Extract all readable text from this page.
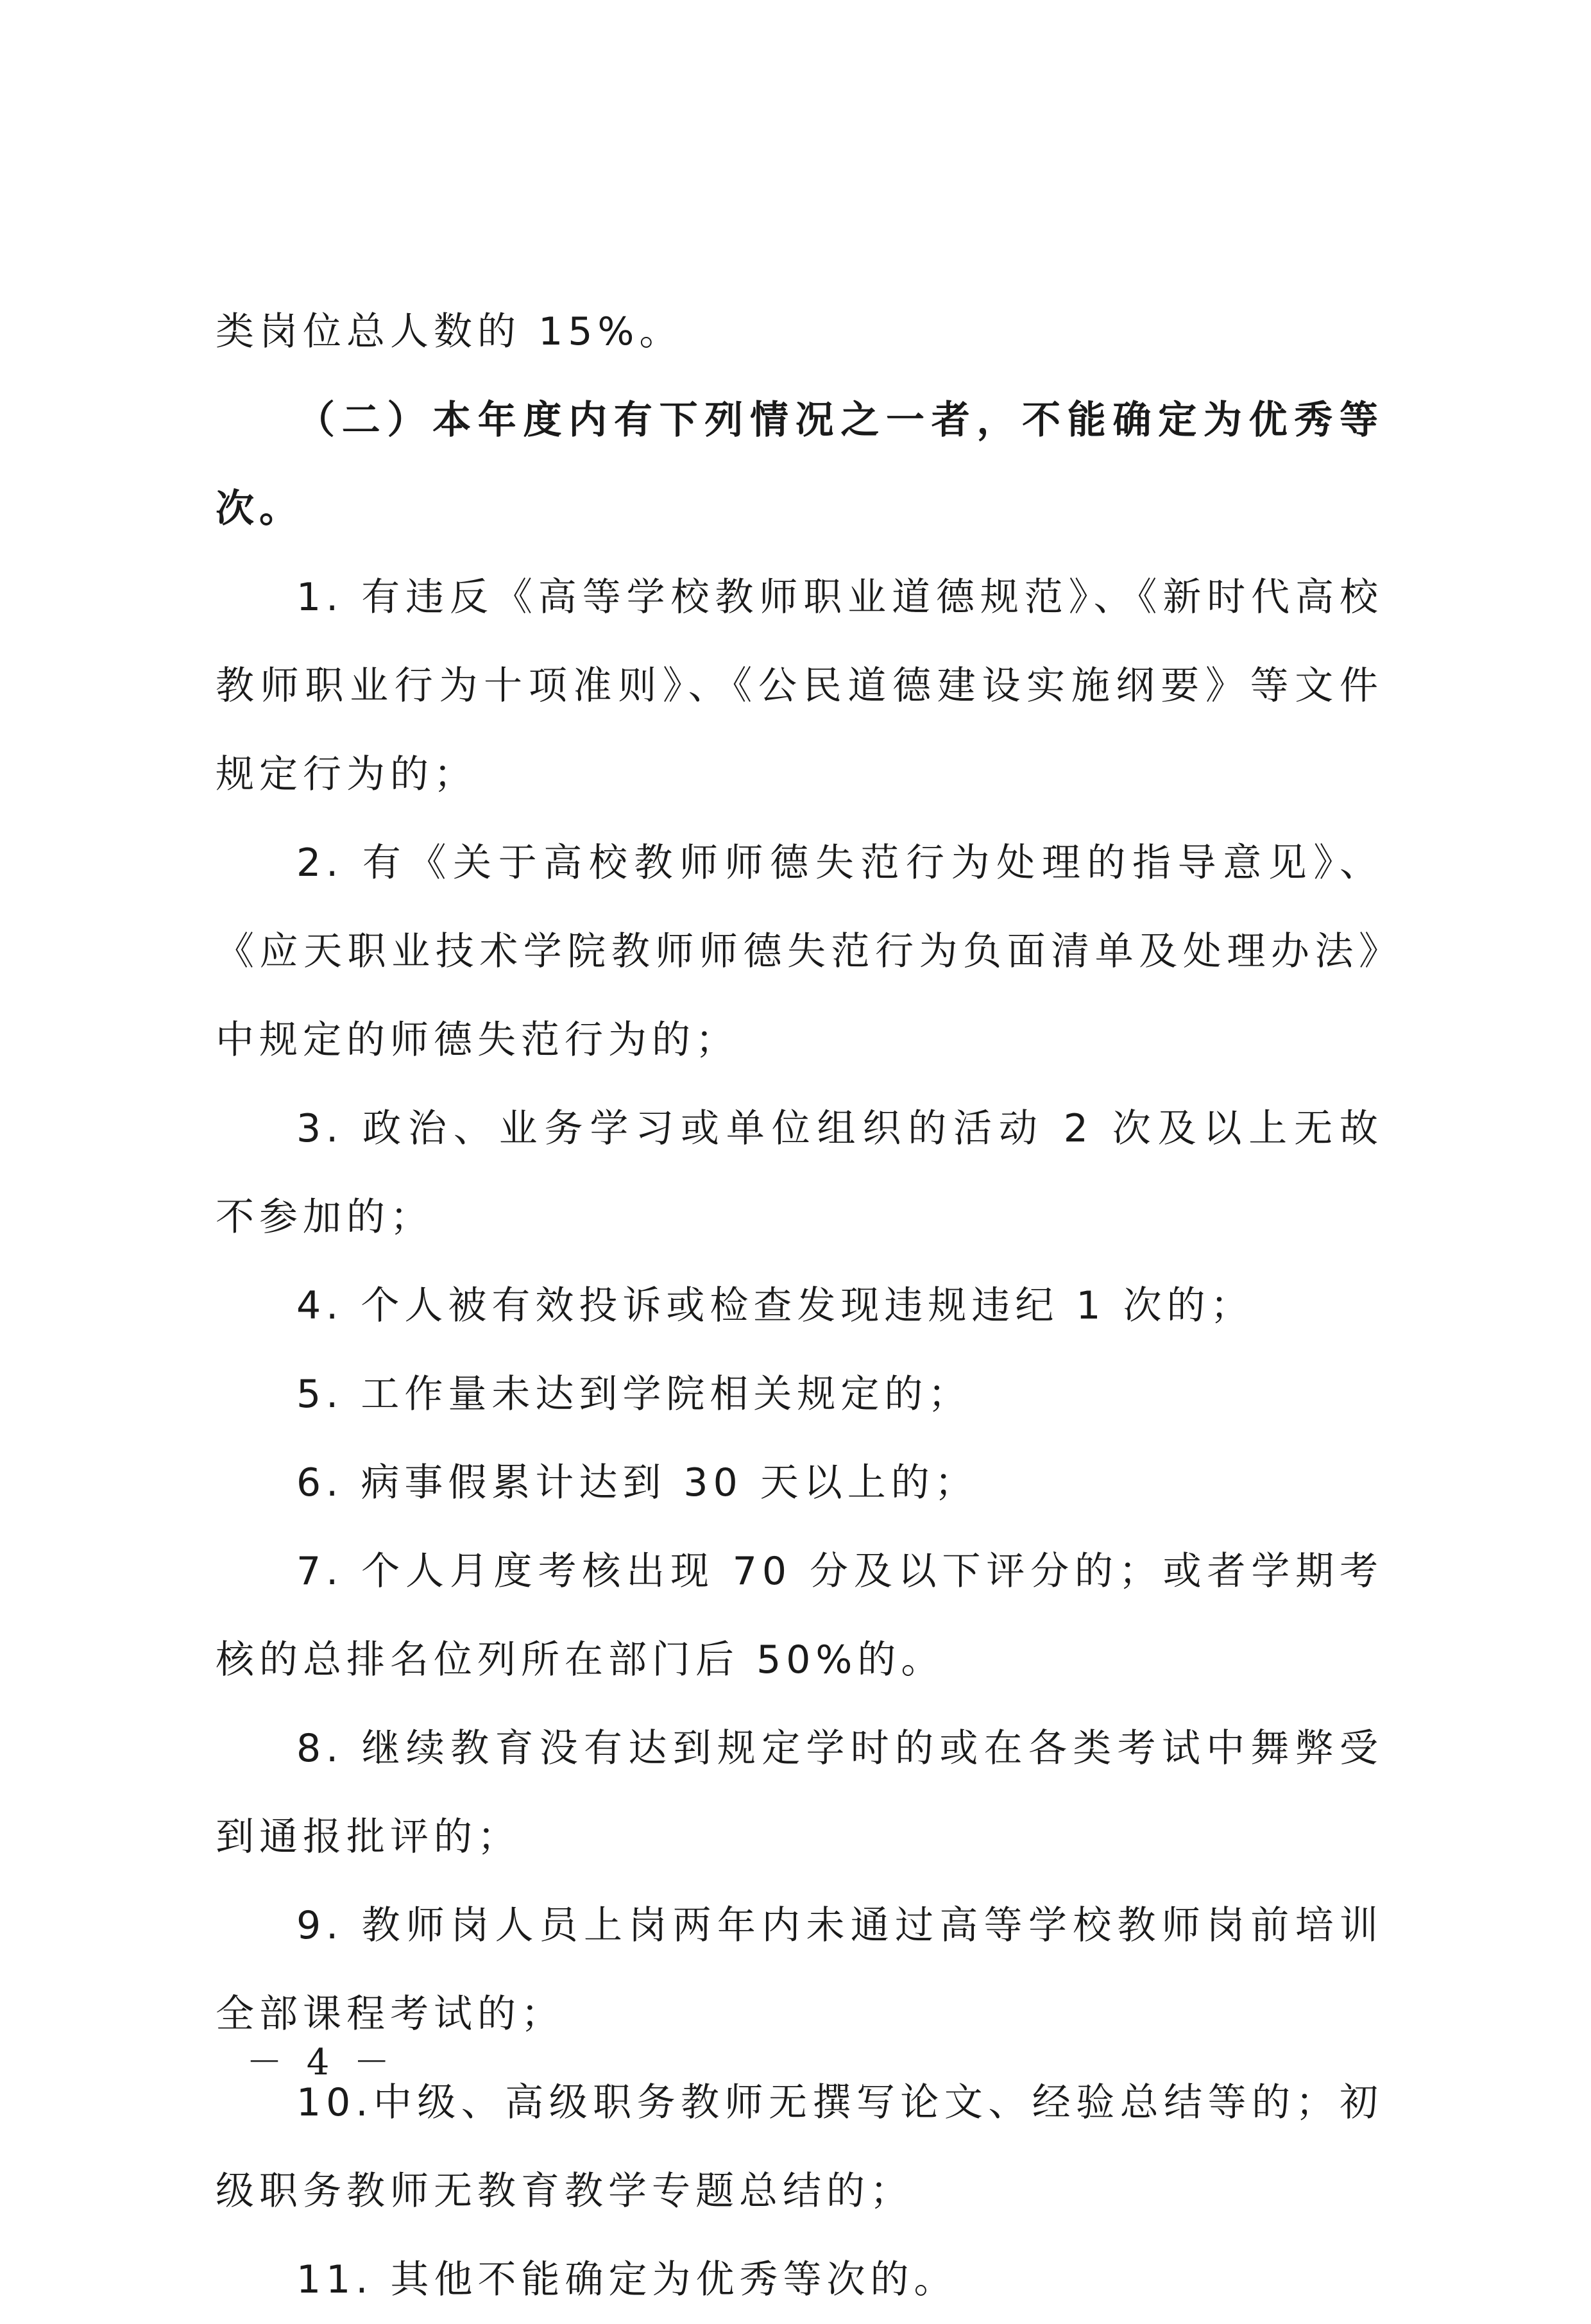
类岗位总人数的 15%。

（二）本年度内有下列情况之一者，不能确定为优秀等次。

1. 有违反《高等学校教师职业道德规范》、《新时代高校教师职业行为十项准则》、《公民道德建设实施纲要》等文件规定行为的；

2. 有《关于高校教师师德失范行为处理的指导意见》、《应天职业技术学院教师师德失范行为负面清单及处理办法》中规定的师德失范行为的；

3. 政治、业务学习或单位组织的活动 2 次及以上无故不参加的；

4. 个人被有效投诉或检查发现违规违纪 1 次的；

5. 工作量未达到学院相关规定的；

6. 病事假累计达到 30 天以上的；

7. 个人月度考核出现 70 分及以下评分的；或者学期考核的总排名位列所在部门后 50%的。

8. 继续教育没有达到规定学时的或在各类考试中舞弊受到通报批评的；

9. 教师岗人员上岗两年内未通过高等学校教师岗前培训全部课程考试的；

10.中级、高级职务教师无撰写论文、经验总结等的；初级职务教师无教育教学专题总结的；

11. 其他不能确定为优秀等次的。

－ 4 －
